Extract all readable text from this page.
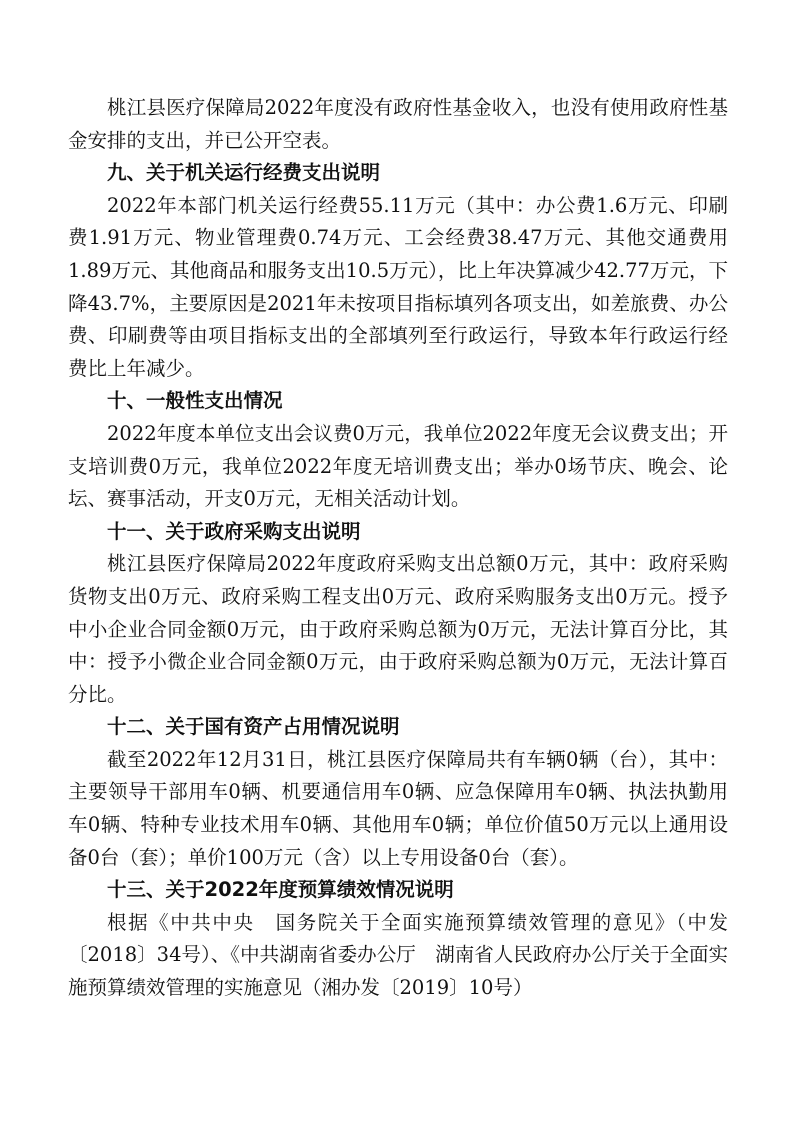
桃江县医疗保障局2022年度没有政府性基金收入，也没有使用政府性基金安排的支出，并已公开空表。

九、关于机关运行经费支出说明

2022年本部门机关运行经费55.11万元（其中：办公费1.6万元、印刷费1.91万元、物业管理费0.74万元、工会经费38.47万元、其他交通费用1.89万元、其他商品和服务支出10.5万元），比上年决算减少42.77万元，下降43.7%，主要原因是2021年未按项目指标填列各项支出，如差旅费、办公费、印刷费等由项目指标支出的全部填列至行政运行，导致本年行政运行经费比上年减少。

十、一般性支出情况

2022年度本单位支出会议费0万元，我单位2022年度无会议费支出；开支培训费0万元，我单位2022年度无培训费支出；举办0场节庆、晚会、论坛、赛事活动，开支0万元，无相关活动计划。

十一、关于政府采购支出说明

桃江县医疗保障局2022年度政府采购支出总额0万元，其中：政府采购货物支出0万元、政府采购工程支出0万元、政府采购服务支出0万元。授予中小企业合同金额0万元，由于政府采购总额为0万元，无法计算百分比，其中：授予小微企业合同金额0万元，由于政府采购总额为0万元，无法计算百分比。

十二、关于国有资产占用情况说明

截至2022年12月31日，桃江县医疗保障局共有车辆0辆（台），其中：主要领导干部用车0辆、机要通信用车0辆、应急保障用车0辆、执法执勤用车0辆、特种专业技术用车0辆、其他用车0辆；单位价值50万元以上通用设备0台（套）；单价100万元（含）以上专用设备0台（套）。

十三、关于2022年度预算绩效情况说明

根据《中共中央　国务院关于全面实施预算绩效管理的意见》（中发〔2018〕34号）、《中共湖南省委办公厅　湖南省人民政府办公厅关于全面实施预算绩效管理的实施意见（湘办发〔2019〕10号）
